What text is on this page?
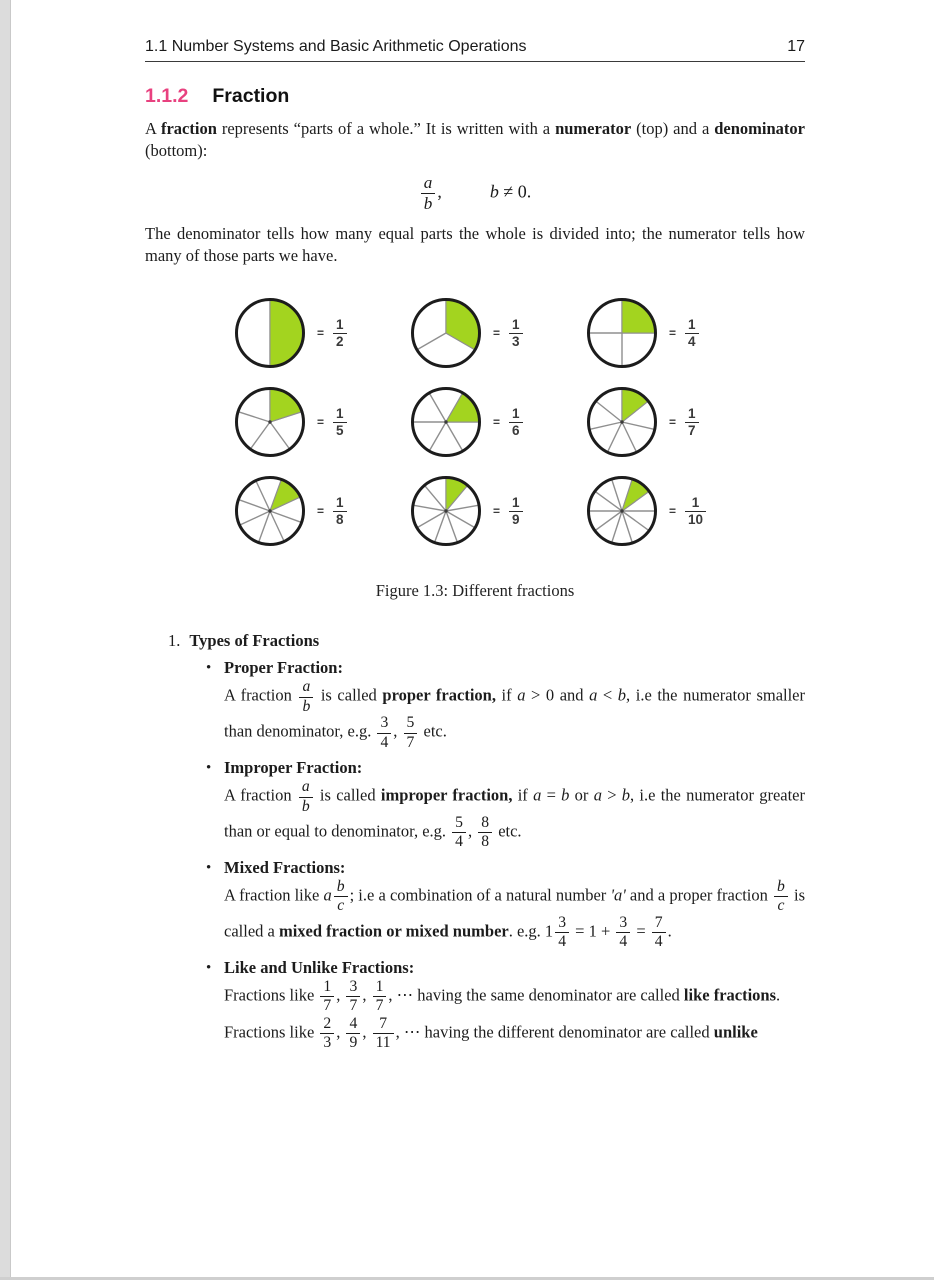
1.1 Number Systems and Basic Arithmetic Operations	17
1.1.2 Fraction

A fraction represents “parts of a whole.” It is written with a numerator (top) and a denominator (bottom):

$\frac{a}{b}$ ,	b ≠ 0.

The denominator tells how many equal parts the whole is divided into; the numerator tells how many of those parts we have.

= $\frac{1}{2}$	= $\frac{1}{3}$	= $\frac{1}{4}$
= $\frac{1}{5}$	= $\frac{1}{6}$	= $\frac{1}{7}$
= $\frac{1}{8}$	= $\frac{1}{9}$	= $\frac{1}{10}$
Figure 1.3: Different fractions
1. Types of Fractions
• Proper Fraction:
A fraction $\frac{a}{b}$ is called proper fraction, if a > 0 and a < b, i.e the numerator smaller than denominator, e.g. $\frac{3}{4}$ , $\frac{5}{7}$ etc.
• Improper Fraction:
A fraction $\frac{a}{b}$ is called improper fraction, if a = b or a > b, i.e the numerator greater than or equal to denominator, e.g. $\frac{5}{4}$ , $\frac{8}{8}$ etc.
• Mixed Fractions:
A fraction like a $\frac{b}{c}$ ; i.e a combination of a natural number 'a' and a proper fraction $\frac{b}{c}$ is called a mixed fraction or mixed number. e.g. $1 \frac{3}{4} = 1 + \frac{3}{4} = \frac{7}{4}$ .
• Like and Unlike Fractions:
Fractions like $\frac{1}{7}$ , $\frac{3}{7}$ , $\frac{1}{7}$ , ⋯ having the same denominator are called like fractions.
Fractions like $\frac{2}{3}$ , $\frac{4}{9}$ , $\frac{7}{11}$ , ⋯ having the different denominator are called unlike
